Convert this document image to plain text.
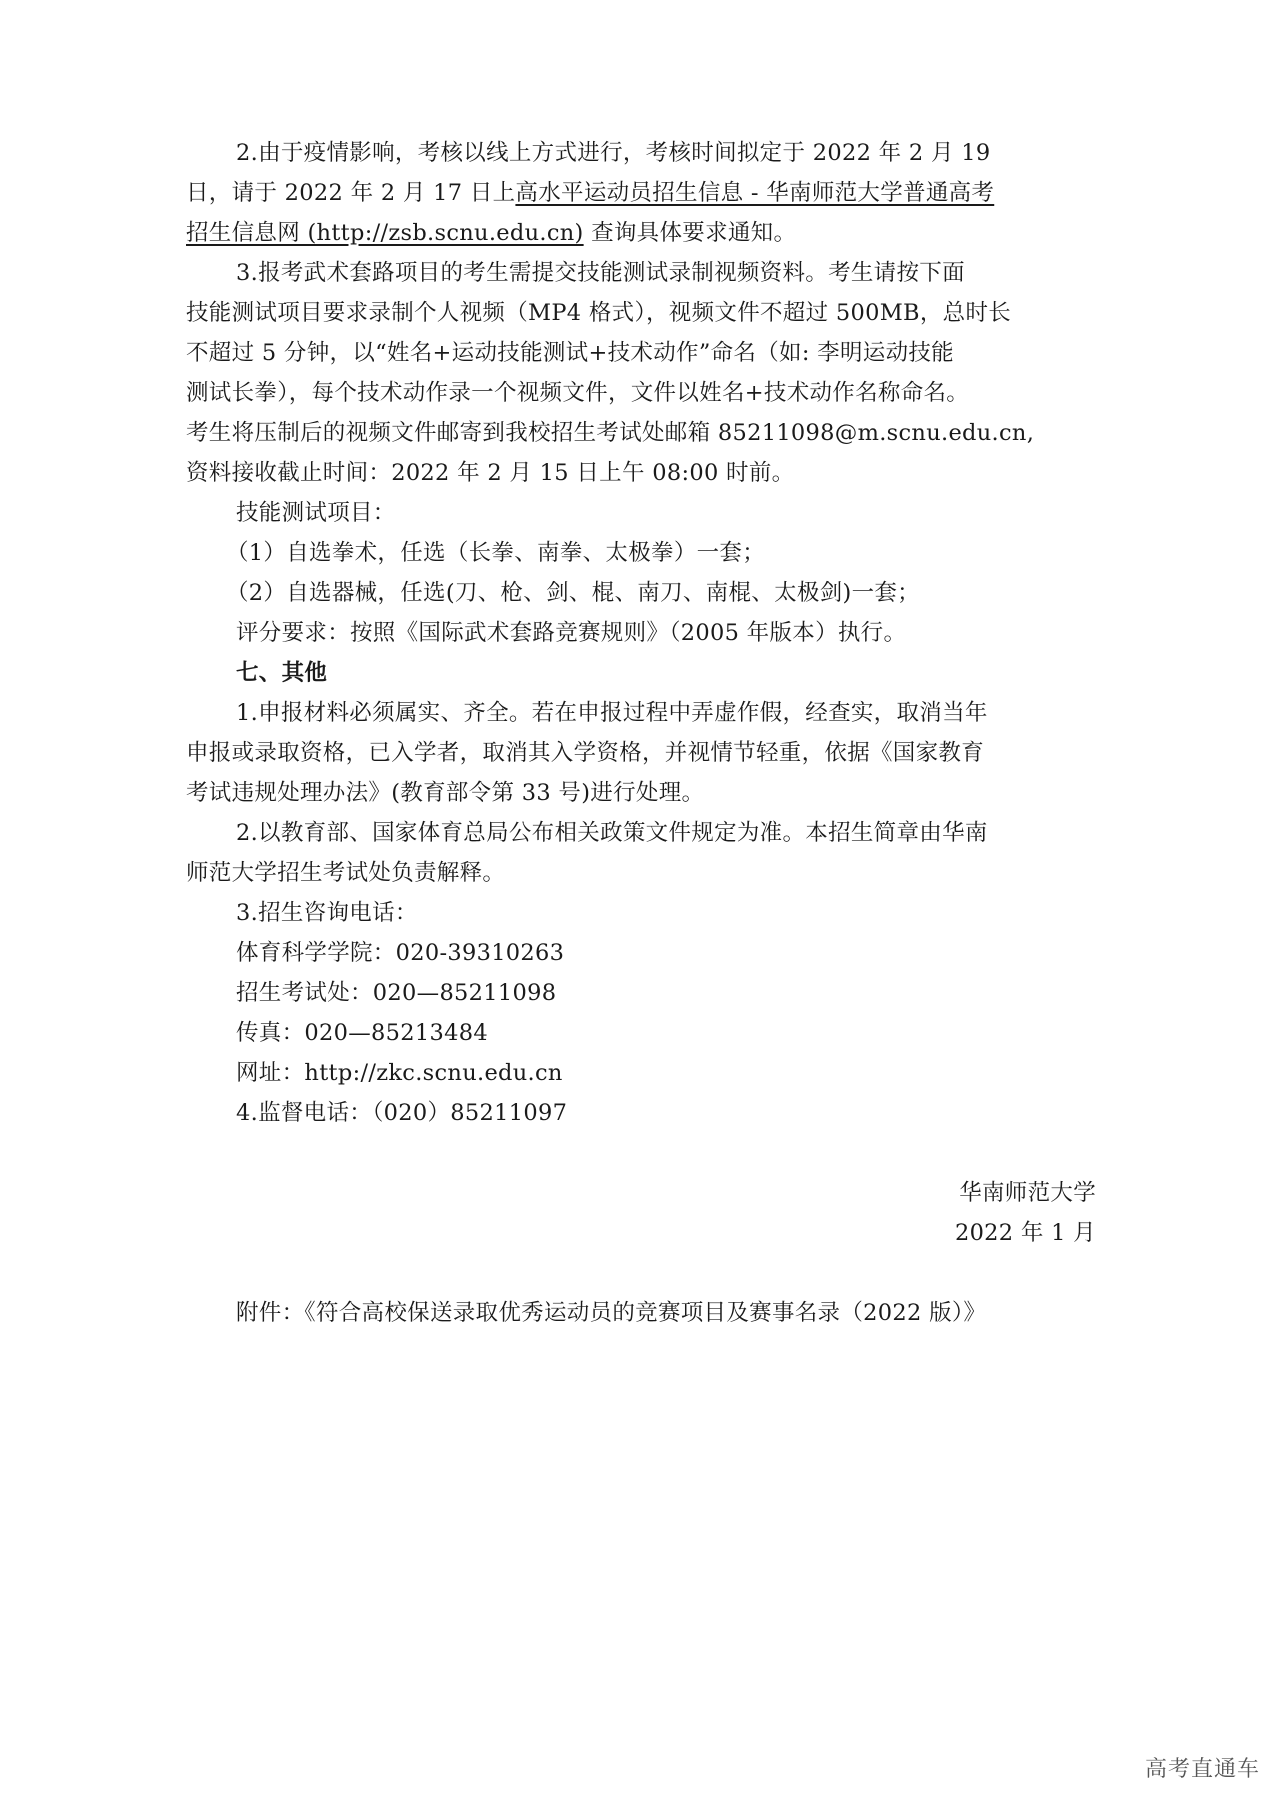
2.由于疫情影响，考核以线上方式进行，考核时间拟定于 2022 年 2 月 19
日，请于 2022 年 2 月 17 日上高水平运动员招生信息 - 华南师范大学普通高考
招生信息网 (http://zsb.scnu.edu.cn) 查询具体要求通知。
3.报考武术套路项目的考生需提交技能测试录制视频资料。考生请按下面
技能测试项目要求录制个人视频（MP4 格式），视频文件不超过 500MB，总时长
不超过 5 分钟，以“姓名+运动技能测试+技术动作”命名（如: 李明运动技能
测试长拳），每个技术动作录一个视频文件，文件以姓名+技术动作名称命名。
考生将压制后的视频文件邮寄到我校招生考试处邮箱 85211098@m.scnu.edu.cn,
资料接收截止时间：2022 年 2 月 15 日上午 08:00 时前。
技能测试项目：
（1）自选拳术，任选（长拳、南拳、太极拳）一套；
（2）自选器械，任选(刀、枪、剑、棍、南刀、南棍、太极剑)一套；
评分要求：按照《国际武术套路竞赛规则》（2005 年版本）执行。
七、其他
1.申报材料必须属实、齐全。若在申报过程中弄虚作假，经查实，取消当年
申报或录取资格，已入学者，取消其入学资格，并视情节轻重，依据《国家教育
考试违规处理办法》(教育部令第 33 号)进行处理。
2.以教育部、国家体育总局公布相关政策文件规定为准。本招生简章由华南
师范大学招生考试处负责解释。
3.招生咨询电话：
体育科学学院：020-39310263
招生考试处：020—85211098
传真：020—85213484
网址：http://zkc.scnu.edu.cn
4.监督电话：（020）85211097
华南师范大学
2022 年 1 月
附件：《符合高校保送录取优秀运动员的竞赛项目及赛事名录（2022 版）》
高考直通车
